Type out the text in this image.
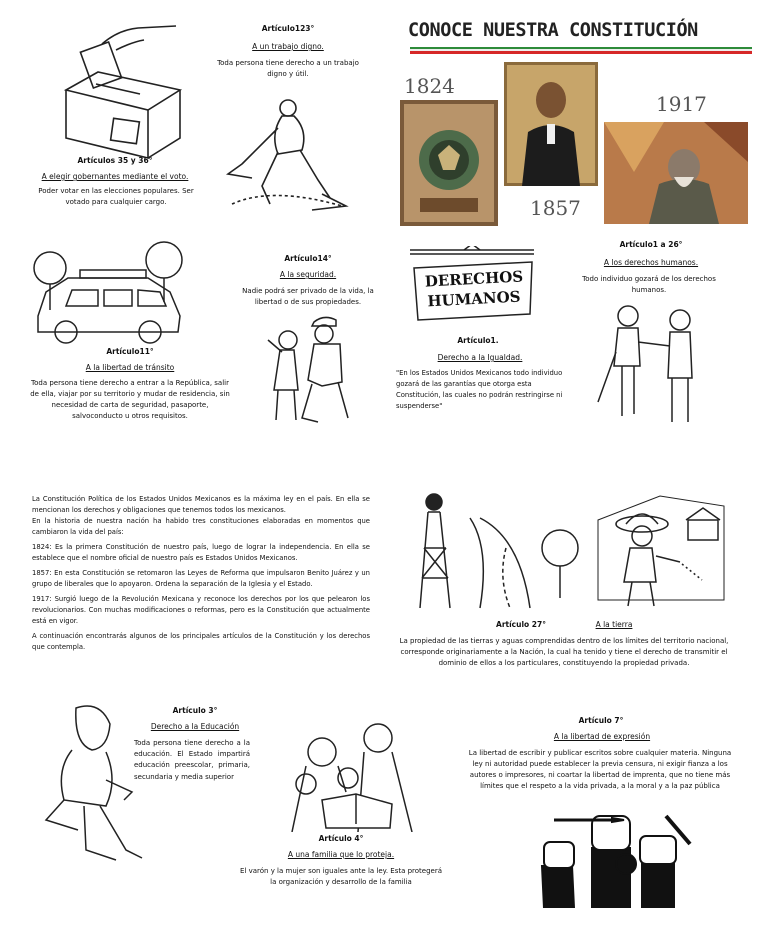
CONOCE NUESTRA CONSTITUCIÓN
1824
1857
1917
Artículos 35 y 36°
A elegir gobernantes mediante el voto.
Poder votar en las elecciones populares. Ser votado para cualquier cargo.
Artículo123°
A un trabajo digno.
Toda persona tiene derecho a un trabajo digno y útil.
Artículo11°
A la libertad de tránsito
Toda persona tiene derecho a entrar a la República, salir de ella, viajar por su territorio y mudar de residencia, sin necesidad de carta de seguridad, pasaporte, salvoconducto u otros requisitos.
Artículo14°
A la seguridad.
Nadie podrá ser privado de la vida, la libertad o de sus propiedades.
DERECHOS
HUMANOS
Artículo1.
Derecho a la Igualdad.
"En los Estados Unidos Mexicanos todo individuo gozará de las garantías que otorga esta Constitución, las cuales no podrán restringirse ni suspenderse"
Artículo1 a 26°
A los derechos humanos.
Todo individuo gozará de los derechos humanos.

La Constitución Política de los Estados Unidos Mexicanos es la máxima ley en el país. En ella se mencionan los derechos y obligaciones que tenemos todos los mexicanos.

En la historia de nuestra nación ha habido tres constituciones elaboradas en momentos que cambiaron la vida del país:

1824: Es la primera Constitución de nuestro país, luego de lograr la independencia. En ella se establece que el nombre oficial de nuestro país es Estados Unidos Mexicanos.

1857: En esta Constitución se retomaron las Leyes de Reforma que impulsaron Benito Juárez y un grupo de liberales que lo apoyaron. Ordena la separación de la Iglesia y el Estado.

1917: Surgió luego de la Revolución Mexicana y reconoce los derechos por los que pelearon los revolucionarios. Con muchas modificaciones o reformas, pero es la Constitución que actualmente está en vigor.

A continuación encontrarás algunos de los principales artículos de la Constitución y los derechos que contempla.

Artículo 27°	A la tierra
La propiedad de las tierras y aguas comprendidas dentro de los límites del territorio nacional, corresponde originariamente a la Nación, la cual ha tenido y tiene el derecho de transmitir el dominio de ellos a los particulares, constituyendo la propiedad privada.
Artículo 3°
Derecho a la Educación
Toda persona tiene derecho a la educación. El Estado impartirá educación preescolar, primaria, secundaria y media superior
Artículo 4°
A una familia que lo proteja.
El varón y la mujer son iguales ante la ley. Esta protegerá la organización y desarrollo de la familia
Artículo 7°
A la libertad de expresión
La libertad de escribir y publicar escritos sobre cualquier materia. Ninguna ley ni autoridad puede establecer la previa censura, ni exigir fianza a los autores o impresores, ni coartar la libertad de imprenta, que no tiene más límites que el respeto a la vida privada, a la moral y a la paz pública
